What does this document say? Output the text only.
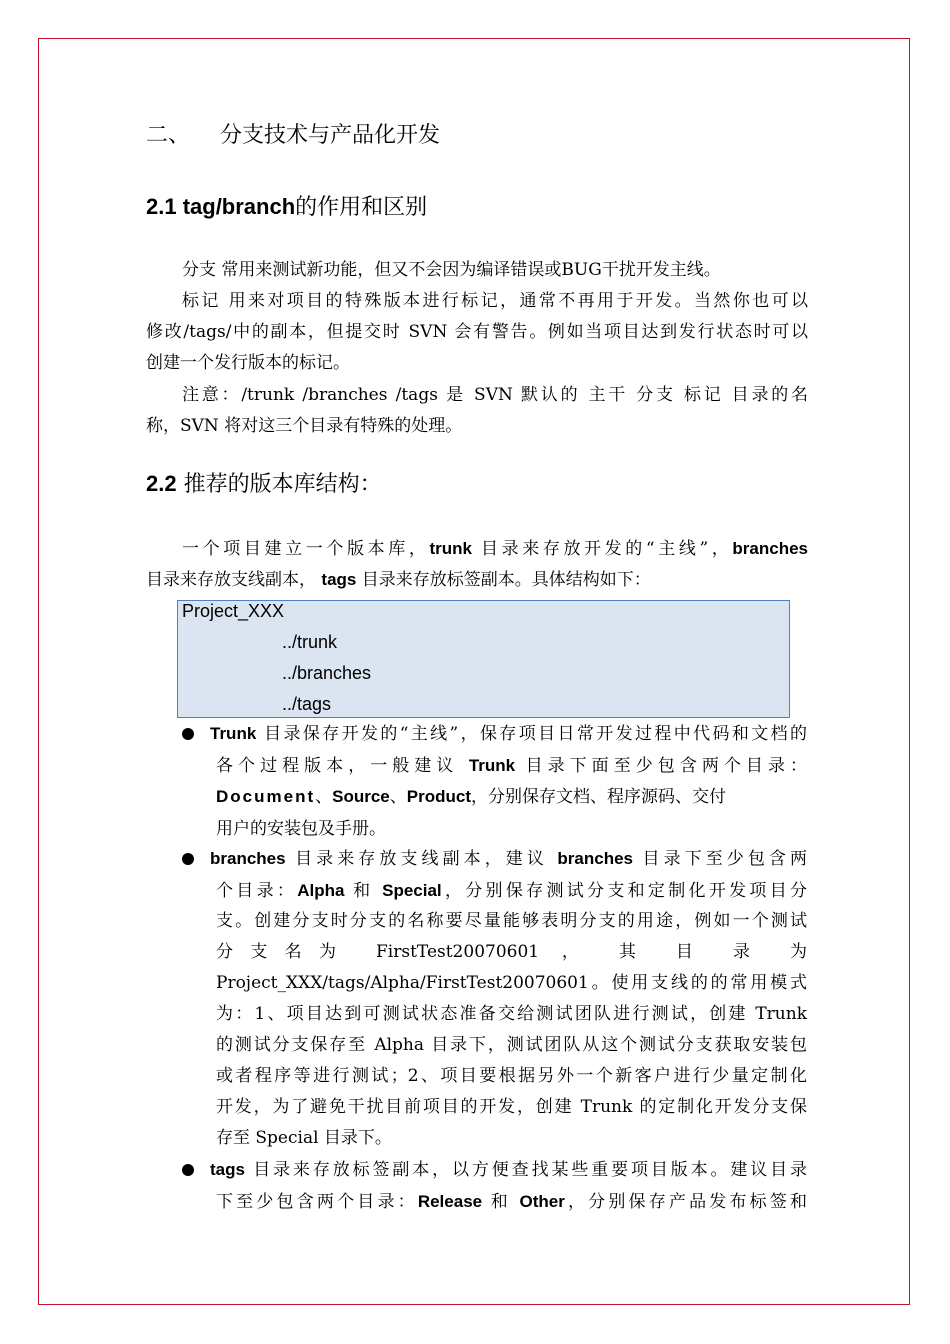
二、 分支技术与产品化开发
2.1 tag/branch的作用和区别
分支 常用来测试新功能，但又不会因为编译错误或BUG干扰开发主线。
标记 用来对项目的特殊版本进行标记，通常不再用于开发。当然你也可以
修改/tags/中的副本，但提交时 SVN 会有警告。例如当项目达到发行状态时可以
创建一个发行版本的标记。
注意：/trunk /branches /tags 是 SVN 默认的 主干 分支 标记 目录的名
称，SVN 将对这三个目录有特殊的处理。
2.2 推荐的版本库结构：
一个项目建立一个版本库，trunk 目录来存放开发的“主线”，branches
目录来存放支线副本， tags 目录来存放标签副本。具体结构如下：
Project_XXX
../trunk
../branches
../tags
Trunk 目录保存开发的“主线”，保存项目日常开发过程中代码和文档的
各个过程版本，一般建议 Trunk 目录下面至少包含两个目录：
Document、Source、Product，分别保存文档、程序源码、交付
用户的安装包及手册。
branches 目录来存放支线副本，建议 branches 目录下至少包含两
个目录：Alpha 和 Special，分别保存测试分支和定制化开发项目分
支。创建分支时分支的名称要尽量能够表明分支的用途，例如一个测试
分支名为 FirstTest20070601 ， 其 目 录 为
Project_XXX/tags/Alpha/FirstTest20070601。使用支线的的常用模式
为：1、项目达到可测试状态准备交给测试团队进行测试，创建 Trunk
的测试分支保存至 Alpha 目录下，测试团队从这个测试分支获取安装包
或者程序等进行测试；2、项目要根据另外一个新客户进行少量定制化
开发，为了避免干扰目前项目的开发，创建 Trunk 的定制化开发分支保
存至 Special 目录下。
tags 目录来存放标签副本，以方便查找某些重要项目版本。建议目录
下至少包含两个目录：Release 和 Other，分别保存产品发布标签和
